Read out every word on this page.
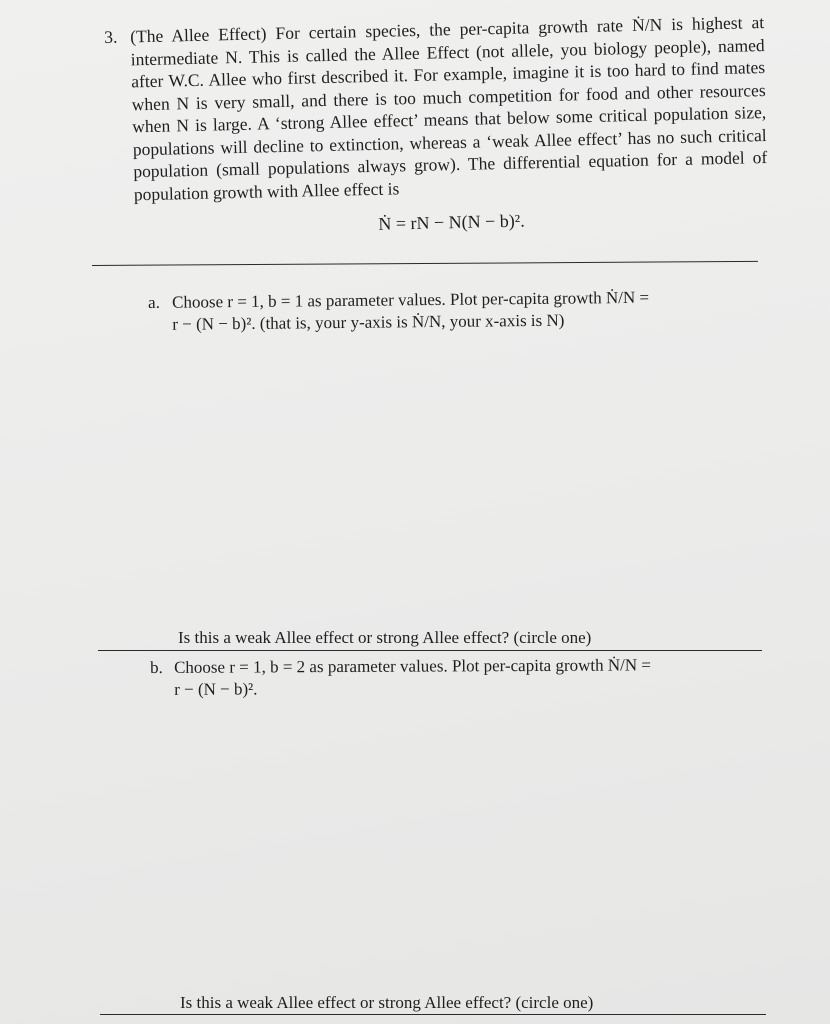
3. (The Allee Effect) For certain species, the per-capita growth rate Ṅ/N is highest at intermediate N. This is called the Allee Effect (not allele, you biology people), named after W.C. Allee who first described it. For example, imagine it is too hard to find mates when N is very small, and there is too much competition for food and other resources when N is large. A ‘strong Allee effect’ means that below some critical population size, populations will decline to extinction, whereas a ‘weak Allee effect’ has no such critical population (small populations always grow). The differential equation for a model of population growth with Allee effect is
Ṅ = rN − N(N − b)².
a. Choose r = 1, b = 1 as parameter values. Plot per-capita growth Ṅ/N =
r − (N − b)². (that is, your y-axis is Ṅ/N, your x-axis is N)
Is this a weak Allee effect or strong Allee effect? (circle one)
b. Choose r = 1, b = 2 as parameter values. Plot per-capita growth Ṅ/N =
r − (N − b)².
Is this a weak Allee effect or strong Allee effect? (circle one)
